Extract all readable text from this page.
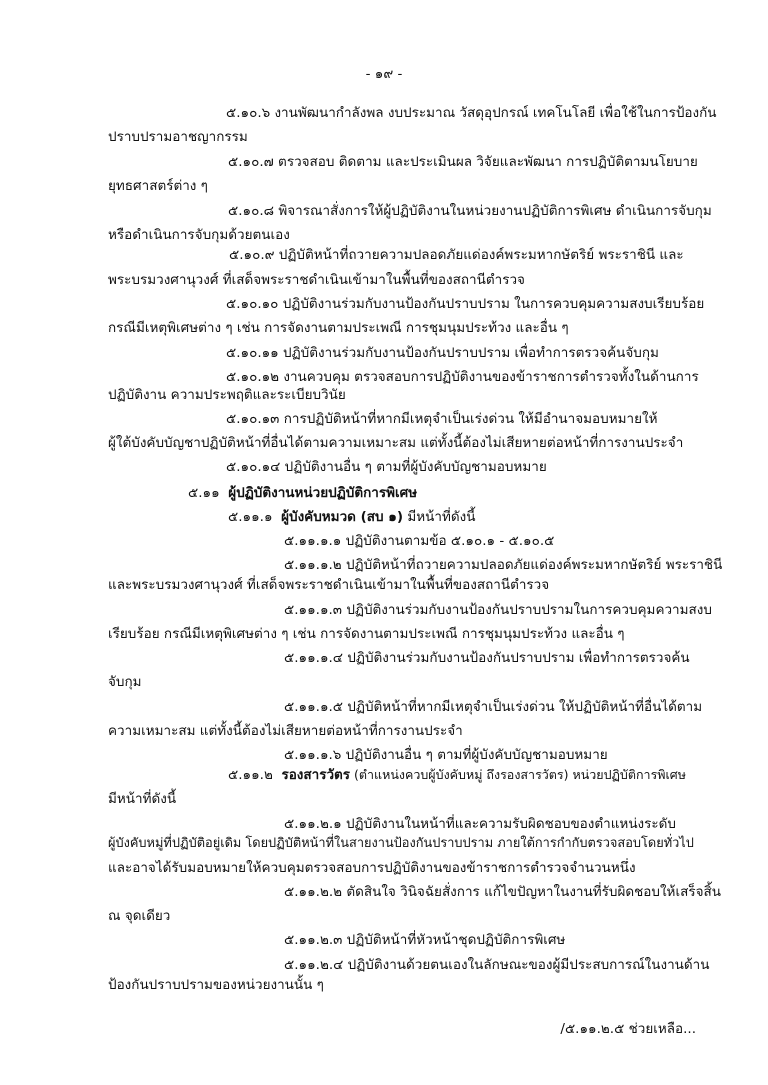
- ๑๙ -
๕.๑๐.๖ งานพัฒนากำลังพล งบประมาณ วัสดุอุปกรณ์ เทคโนโลยี เพื่อใช้ในการป้องกัน
ปราบปรามอาชญากรรม
๕.๑๐.๗ ตรวจสอบ ติดตาม และประเมินผล วิจัยและพัฒนา การปฏิบัติตามนโยบาย
ยุทธศาสตร์ต่าง ๆ
๕.๑๐.๘ พิจารณาสั่งการให้ผู้ปฏิบัติงานในหน่วยงานปฏิบัติการพิเศษ ดำเนินการจับกุม
หรือดำเนินการจับกุมด้วยตนเอง
๕.๑๐.๙ ปฏิบัติหน้าที่ถวายความปลอดภัยแด่องค์พระมหากษัตริย์ พระราชินี และ
พระบรมวงศานุวงศ์ ที่เสด็จพระราชดำเนินเข้ามาในพื้นที่ของสถานีตำรวจ
๕.๑๐.๑๐ ปฏิบัติงานร่วมกับงานป้องกันปราบปราม ในการควบคุมความสงบเรียบร้อย
กรณีมีเหตุพิเศษต่าง ๆ เช่น การจัดงานตามประเพณี การชุมนุมประท้วง และอื่น ๆ
๕.๑๐.๑๑ ปฏิบัติงานร่วมกับงานป้องกันปราบปราม เพื่อทำการตรวจค้นจับกุม
๕.๑๐.๑๒ งานควบคุม ตรวจสอบการปฏิบัติงานของข้าราชการตำรวจทั้งในด้านการ
ปฏิบัติงาน ความประพฤติและระเบียบวินัย
๕.๑๐.๑๓ การปฏิบัติหน้าที่หากมีเหตุจำเป็นเร่งด่วน ให้มีอำนาจมอบหมายให้
ผู้ใต้บังคับบัญชาปฏิบัติหน้าที่อื่นได้ตามความเหมาะสม แต่ทั้งนี้ต้องไม่เสียหายต่อหน้าที่การงานประจำ
๕.๑๐.๑๔ ปฏิบัติงานอื่น ๆ ตามที่ผู้บังคับบัญชามอบหมาย
๕.๑๑ ผู้ปฏิบัติงานหน่วยปฏิบัติการพิเศษ
๕.๑๑.๑ ผู้บังคับหมวด (สบ ๑) มีหน้าที่ดังนี้
๕.๑๑.๑.๑ ปฏิบัติงานตามข้อ ๕.๑๐.๑ - ๕.๑๐.๕
๕.๑๑.๑.๒ ปฏิบัติหน้าที่ถวายความปลอดภัยแด่องค์พระมหากษัตริย์ พระราชินี
และพระบรมวงศานุวงศ์ ที่เสด็จพระราชดำเนินเข้ามาในพื้นที่ของสถานีตำรวจ
๕.๑๑.๑.๓ ปฏิบัติงานร่วมกับงานป้องกันปราบปรามในการควบคุมความสงบ
เรียบร้อย กรณีมีเหตุพิเศษต่าง ๆ เช่น การจัดงานตามประเพณี การชุมนุมประท้วง และอื่น ๆ
๕.๑๑.๑.๔ ปฏิบัติงานร่วมกับงานป้องกันปราบปราม เพื่อทำการตรวจค้น
จับกุม
๕.๑๑.๑.๕ ปฏิบัติหน้าที่หากมีเหตุจำเป็นเร่งด่วน ให้ปฏิบัติหน้าที่อื่นได้ตาม
ความเหมาะสม แต่ทั้งนี้ต้องไม่เสียหายต่อหน้าที่การงานประจำ
๕.๑๑.๑.๖ ปฏิบัติงานอื่น ๆ ตามที่ผู้บังคับบัญชามอบหมาย
๕.๑๑.๒ รองสารวัตร (ตำแหน่งควบผู้บังคับหมู่ ถึงรองสารวัตร) หน่วยปฏิบัติการพิเศษ
มีหน้าที่ดังนี้
๕.๑๑.๒.๑ ปฏิบัติงานในหน้าที่และความรับผิดชอบของตำแหน่งระดับ
ผู้บังคับหมู่ที่ปฏิบัติอยู่เดิม โดยปฏิบัติหน้าที่ในสายงานป้องกันปราบปราม ภายใต้การกำกับตรวจสอบโดยทั่วไป
และอาจได้รับมอบหมายให้ควบคุมตรวจสอบการปฏิบัติงานของข้าราชการตำรวจจำนวนหนึ่ง
๕.๑๑.๒.๒ ตัดสินใจ วินิจฉัยสั่งการ แก้ไขปัญหาในงานที่รับผิดชอบให้เสร็จสิ้น
ณ จุดเดียว
๕.๑๑.๒.๓ ปฏิบัติหน้าที่หัวหน้าชุดปฏิบัติการพิเศษ
๕.๑๑.๒.๔ ปฏิบัติงานด้วยตนเองในลักษณะของผู้มีประสบการณ์ในงานด้าน
ป้องกันปราบปรามของหน่วยงานนั้น ๆ
/๕.๑๑.๒.๕ ช่วยเหลือ...
